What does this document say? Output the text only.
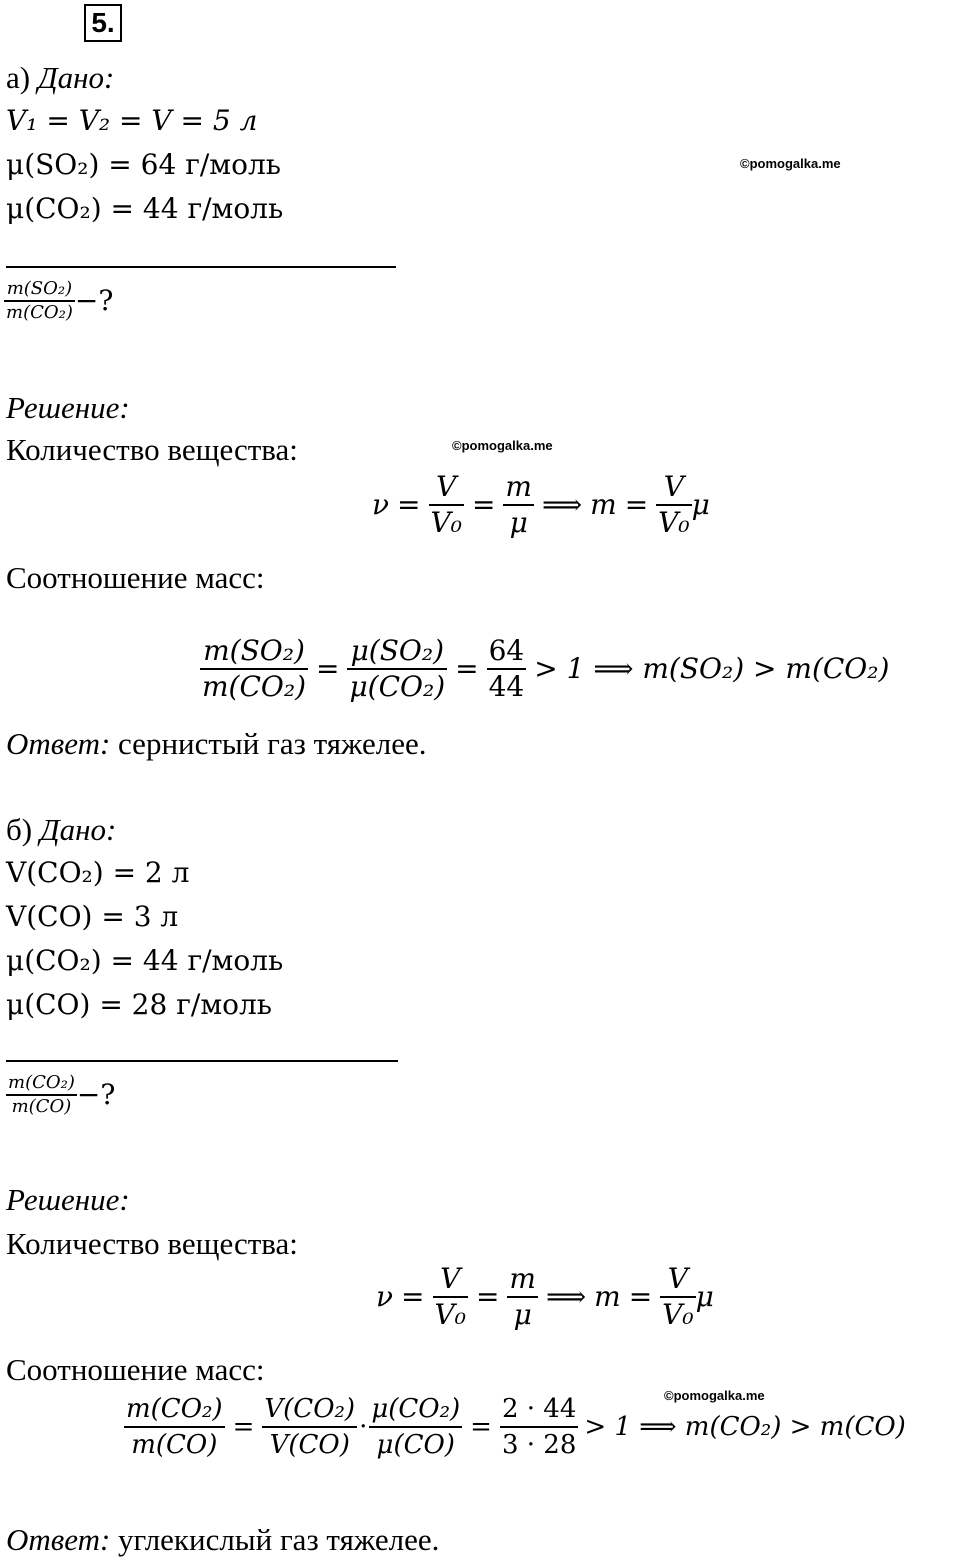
5.
а) Дано:
V₁ = V₂ = V = 5 л
μ(SO₂) = 64 г/моль
μ(CO₂) = 44 г/моль
©pomogalka.me
$\frac{\text{m(SO₂)}}{\text{m(CO₂)}}$ −?
Решение:
Количество вещества:	©pomogalka.me
$\nu = \frac{V}{\text{V₀}} = \frac{m}{\mu}$ ⟹ $m = \frac{V}{\text{V₀}}$ μ
Соотношение масс:
$\frac{\text{m(SO₂)}}{\text{m(CO₂)}} = \frac{\text{μ(SO₂)}}{\text{μ(CO₂)}} = \frac{64}{44} > 1$ ⟹ m(SO₂) > m(CO₂)
Ответ: сернистый газ тяжелее.
б) Дано:
V(CO₂) = 2 л
V(CO) = 3 л
μ(CO₂) = 44 г/моль
μ(CO) = 28 г/моль
$\frac{\text{m(CO₂)}}{m(CO)}$ −?
Решение:
Количество вещества:
$\nu = \frac{V}{\text{V₀}} = \frac{m}{\mu}$ ⟹ $m = \frac{V}{\text{V₀}}$ μ
Соотношение масс:
©pomogalka.me
$\frac{\text{m(CO₂)}}{m(CO)} = \frac{\text{V(CO₂)}}{V(CO)} \cdot \frac{\text{μ(CO₂)}}{\mu(CO)} = \frac{2 \cdot 44}{3 \cdot 28} > 1$ ⟹ m(CO₂) > m(CO)
Ответ: углекислый газ тяжелее.
